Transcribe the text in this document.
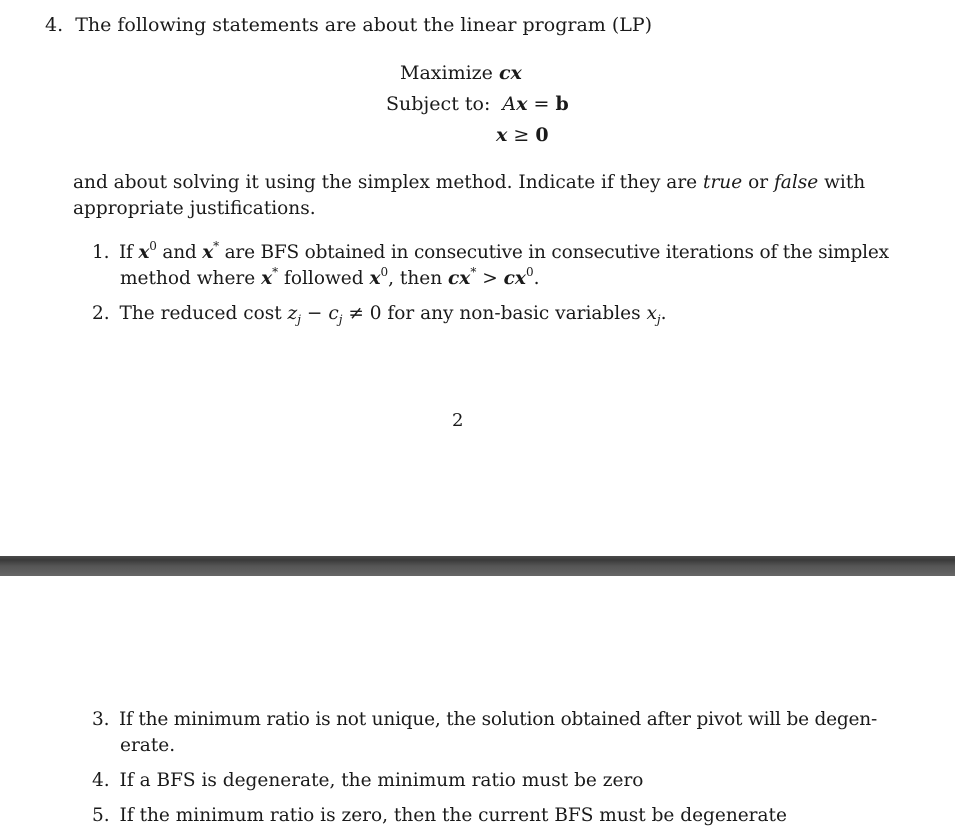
4. The following statements are about the linear program (LP)
Maximize cx
Subject to: Ax = b
x ≥ 0
and about solving it using the simplex method. Indicate if they are true or false with
appropriate justifications.
1. If $x^0$ and x* are BFS obtained in consecutive in consecutive iterations of the simplex
method where x* followed $x^0$, then $cx^* > cx^0$.
2. The reduced cost $z_j - c_j \ne 0$ for any non-basic variables $x_j$.
2
3. If the minimum ratio is not unique, the solution obtained after pivot will be degen-
erate.
4. If a BFS is degenerate, the minimum ratio must be zero
5. If the minimum ratio is zero, then the current BFS must be degenerate
